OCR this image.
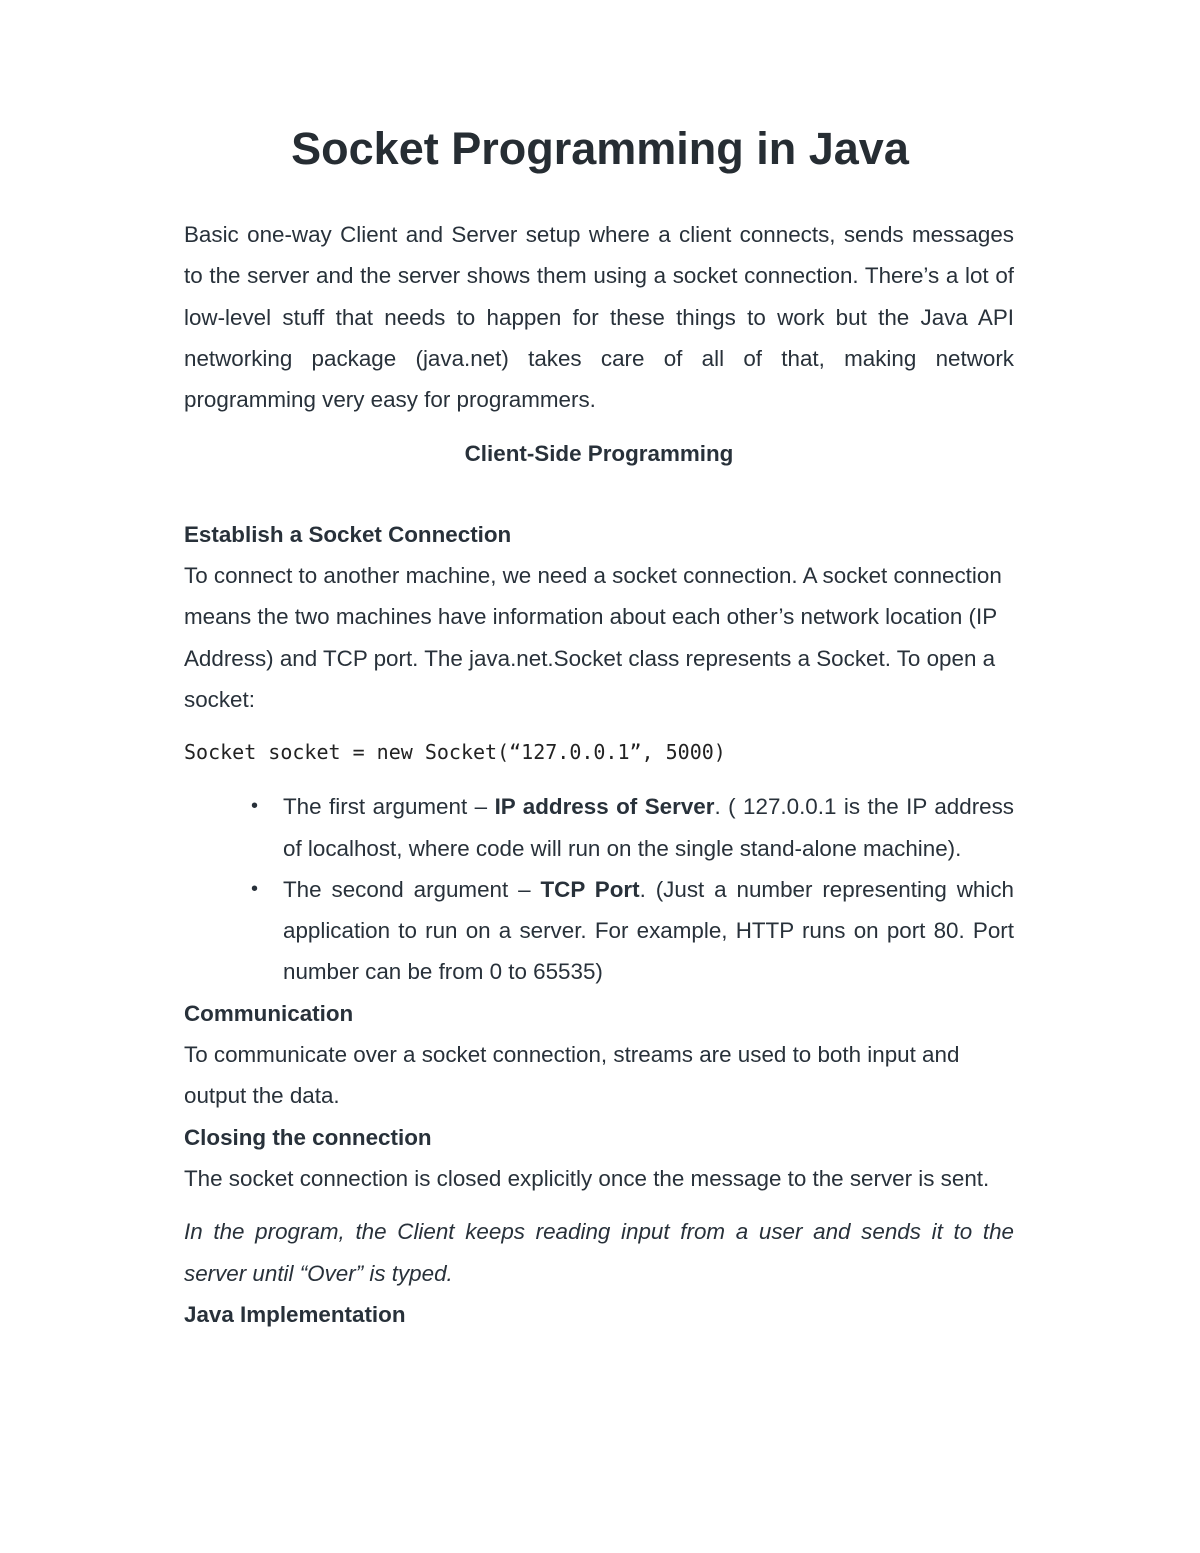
Socket Programming in Java

Basic one-way Client and Server setup where a client connects, sends messages to the server and the server shows them using a socket connection. There’s a lot of low-level stuff that needs to happen for these things to work but the Java API networking package (java.net) takes care of all of that, making network programming very easy for programmers.

Client-Side Programming

Establish a Socket Connection

To connect to another machine, we need a socket connection. A socket connection means the two machines have information about each other’s network location (IP Address) and TCP port. The java.net.Socket class represents a Socket. To open a socket:

Socket socket = new Socket(“127.0.0.1”, 5000)

• The first argument – IP address of Server. ( 127.0.0.1 is the IP address of localhost, where code will run on the single stand-alone machine).
• The second argument – TCP Port. (Just a number representing which application to run on a server. For example, HTTP runs on port 80. Port number can be from 0 to 65535)

Communication

To communicate over a socket connection, streams are used to both input and output the data.

Closing the connection

The socket connection is closed explicitly once the message to the server is sent.

In the program, the Client keeps reading input from a user and sends it to the server until “Over” is typed.

Java Implementation
